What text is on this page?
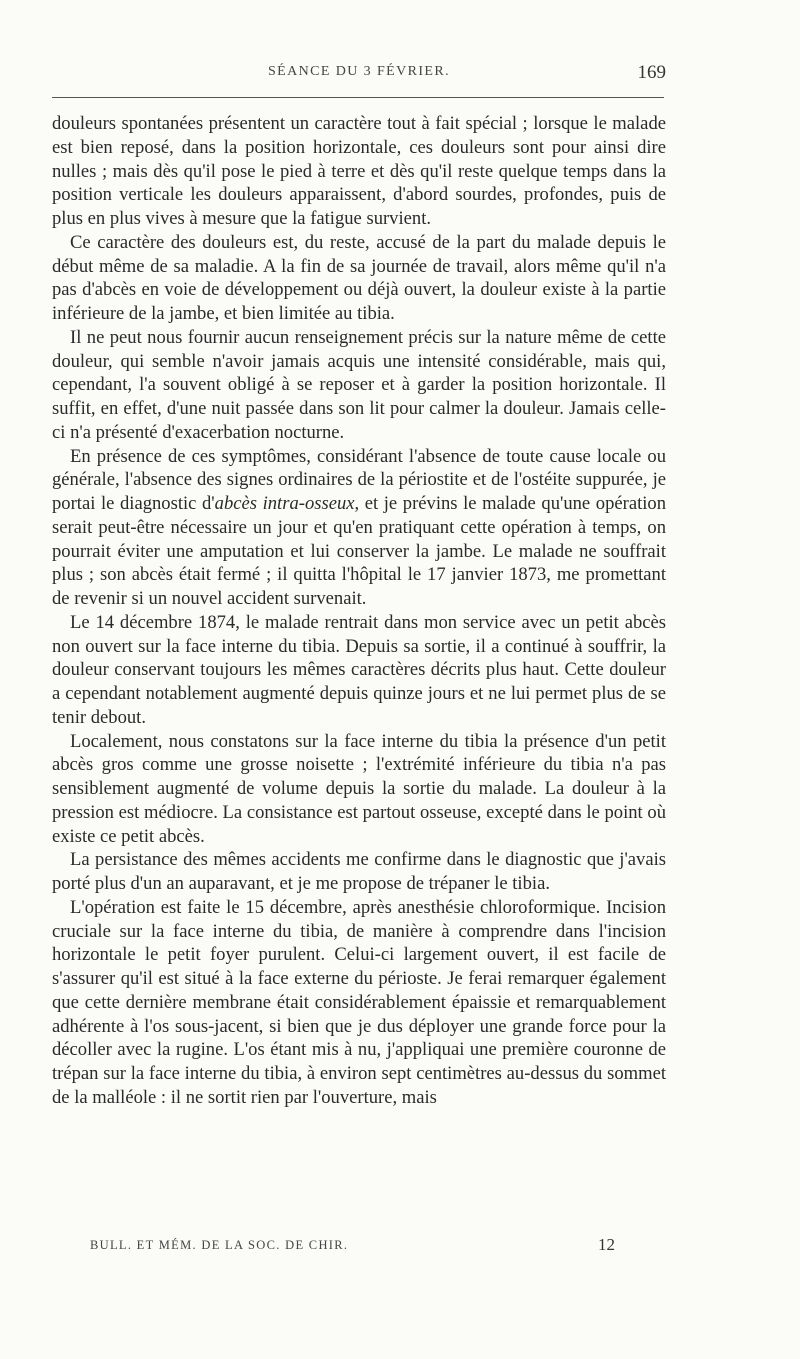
SÉANCE DU 3 FÉVRIER.	169

douleurs spontanées présentent un caractère tout à fait spécial ; lorsque le malade est bien reposé, dans la position horizontale, ces douleurs sont pour ainsi dire nulles ; mais dès qu'il pose le pied à terre et dès qu'il reste quelque temps dans la position verticale les douleurs apparaissent, d'abord sourdes, profondes, puis de plus en plus vives à mesure que la fatigue survient.

Ce caractère des douleurs est, du reste, accusé de la part du malade depuis le début même de sa maladie. A la fin de sa journée de travail, alors même qu'il n'a pas d'abcès en voie de développement ou déjà ouvert, la douleur existe à la partie inférieure de la jambe, et bien limitée au tibia.

Il ne peut nous fournir aucun renseignement précis sur la nature même de cette douleur, qui semble n'avoir jamais acquis une intensité considérable, mais qui, cependant, l'a souvent obligé à se reposer et à garder la position horizontale. Il suffit, en effet, d'une nuit passée dans son lit pour calmer la douleur. Jamais celle-ci n'a présenté d'exacerbation nocturne.

En présence de ces symptômes, considérant l'absence de toute cause locale ou générale, l'absence des signes ordinaires de la périostite et de l'ostéite suppurée, je portai le diagnostic d'abcès intra-osseux, et je prévins le malade qu'une opération serait peut-être nécessaire un jour et qu'en pratiquant cette opération à temps, on pourrait éviter une amputation et lui conserver la jambe. Le malade ne souffrait plus ; son abcès était fermé ; il quitta l'hôpital le 17 janvier 1873, me promettant de revenir si un nouvel accident survenait.

Le 14 décembre 1874, le malade rentrait dans mon service avec un petit abcès non ouvert sur la face interne du tibia. Depuis sa sortie, il a continué à souffrir, la douleur conservant toujours les mêmes caractères décrits plus haut. Cette douleur a cependant notablement augmenté depuis quinze jours et ne lui permet plus de se tenir debout.

Localement, nous constatons sur la face interne du tibia la présence d'un petit abcès gros comme une grosse noisette ; l'extrémité inférieure du tibia n'a pas sensiblement augmenté de volume depuis la sortie du malade. La douleur à la pression est médiocre. La consistance est partout osseuse, excepté dans le point où existe ce petit abcès.

La persistance des mêmes accidents me confirme dans le diagnostic que j'avais porté plus d'un an auparavant, et je me propose de trépaner le tibia.

L'opération est faite le 15 décembre, après anesthésie chloroformique. Incision cruciale sur la face interne du tibia, de manière à comprendre dans l'incision horizontale le petit foyer purulent. Celui-ci largement ouvert, il est facile de s'assurer qu'il est situé à la face externe du périoste. Je ferai remarquer également que cette dernière membrane était considérablement épaissie et remarquablement adhérente à l'os sous-jacent, si bien que je dus déployer une grande force pour la décoller avec la rugine. L'os étant mis à nu, j'appliquai une première couronne de trépan sur la face interne du tibia, à environ sept centimètres au-dessus du sommet de la malléole : il ne sortit rien par l'ouverture, mais

BULL. ET MÉM. DE LA SOC. DE CHIR.	12
